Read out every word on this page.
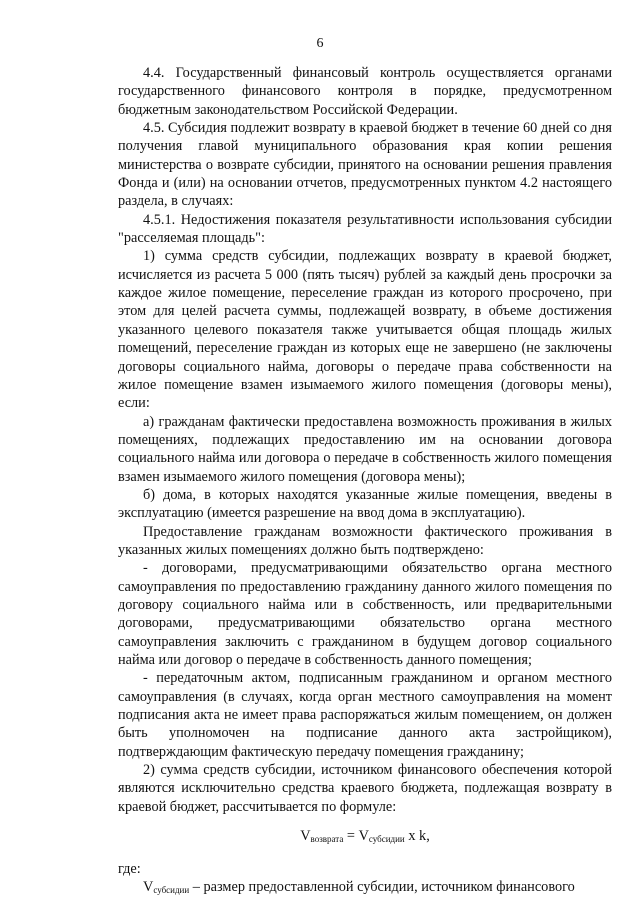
6

4.4. Государственный финансовый контроль осуществляется органами государственного финансового контроля в порядке, предусмотренном бюджетным законодательством Российской Федерации.

4.5. Субсидия подлежит возврату в краевой бюджет в течение 60 дней со дня получения главой муниципального образования края копии решения министерства о возврате субсидии, принятого на основании решения правления Фонда и (или) на основании отчетов, предусмотренных пунктом 4.2 настоящего раздела, в случаях:

4.5.1. Недостижения показателя результативности использования субсидии "расселяемая площадь":

1) сумма средств субсидии, подлежащих возврату в краевой бюджет, исчисляется из расчета 5 000 (пять тысяч) рублей за каждый день просрочки за каждое жилое помещение, переселение граждан из которого просрочено, при этом для целей расчета суммы, подлежащей возврату, в объеме достижения указанного целевого показателя также учитывается общая площадь жилых помещений, переселение граждан из которых еще не завершено (не заключены договоры социального найма, договоры о передаче права собственности на жилое помещение взамен изымаемого жилого помещения (договоры мены), если:

а) гражданам фактически предоставлена возможность проживания в жилых помещениях, подлежащих предоставлению им на основании договора социального найма или договора о передаче в собственность жилого помещения взамен изымаемого жилого помещения (договора мены);

б) дома, в которых находятся указанные жилые помещения, введены в эксплуатацию (имеется разрешение на ввод дома в эксплуатацию).

Предоставление гражданам возможности фактического проживания в указанных жилых помещениях должно быть подтверждено:

- договорами, предусматривающими обязательство органа местного самоуправления по предоставлению гражданину данного жилого помещения по договору социального найма или в собственность, или предварительными договорами, предусматривающими обязательство органа местного самоуправления заключить с гражданином в будущем договор социального найма или договор о передаче в собственность данного помещения;

- передаточным актом, подписанным гражданином и органом местного самоуправления (в случаях, когда орган местного самоуправления на момент подписания акта не имеет права распоряжаться жилым помещением, он должен быть уполномочен на подписание данного акта застройщиком), подтверждающим фактическую передачу помещения гражданину;

2) сумма средств субсидии, источником финансового обеспечения которой являются исключительно средства краевого бюджета, подлежащая возврату в краевой бюджет, рассчитывается по формуле:

$V_{возврата} = V_{субсидии}$ x k,

где:

$V_{субсидии}$ – размер предоставленной субсидии, источником финансового
